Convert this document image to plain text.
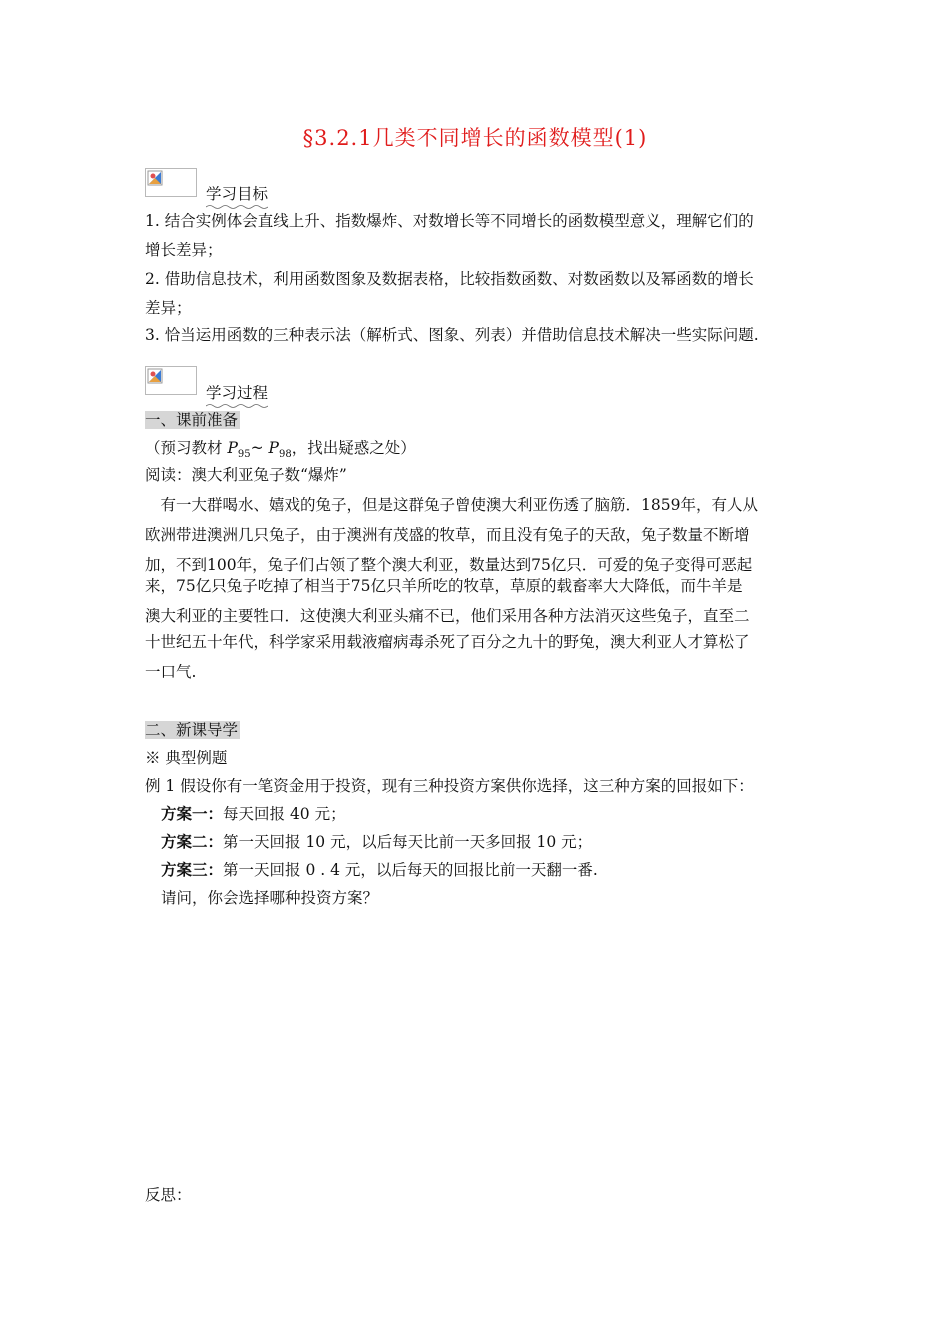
§3.2.1几类不同增长的函数模型(1)
学习目标
1. 结合实例体会直线上升、指数爆炸、对数增长等不同增长的函数模型意义，理解它们的
增长差异；
2. 借助信息技术，利用函数图象及数据表格，比较指数函数、对数函数以及幂函数的增长
差异；
3. 恰当运用函数的三种表示法（解析式、图象、列表）并借助信息技术解决一些实际问题.
学习过程
一、课前准备
（预习教材 $P_{95}\sim$ $P_{98}$，找出疑惑之处）
阅读：澳大利亚兔子数“爆炸”
　有一大群喝水、嬉戏的兔子，但是这群兔子曾使澳大利亚伤透了脑筋．1859年，有人从
欧洲带进澳洲几只兔子，由于澳洲有茂盛的牧草，而且没有兔子的天敌，兔子数量不断增
加，不到100年，兔子们占领了整个澳大利亚，数量达到75亿只．可爱的兔子变得可恶起
来，75亿只兔子吃掉了相当于75亿只羊所吃的牧草，草原的载畜率大大降低，而牛羊是
澳大利亚的主要牲口．这使澳大利亚头痛不已，他们采用各种方法消灭这些兔子，直至二
十世纪五十年代，科学家采用载液瘤病毒杀死了百分之九十的野兔，澳大利亚人才算松了
一口气.
二、新课导学
※ 典型例题
例 1 假设你有一笔资金用于投资，现有三种投资方案供你选择，这三种方案的回报如下：
方案一：每天回报 40 元；
方案二：第一天回报 10 元，以后每天比前一天多回报 10 元；
方案三：第一天回报 0 . 4 元，以后每天的回报比前一天翻一番.
请问，你会选择哪种投资方案？
反思：
